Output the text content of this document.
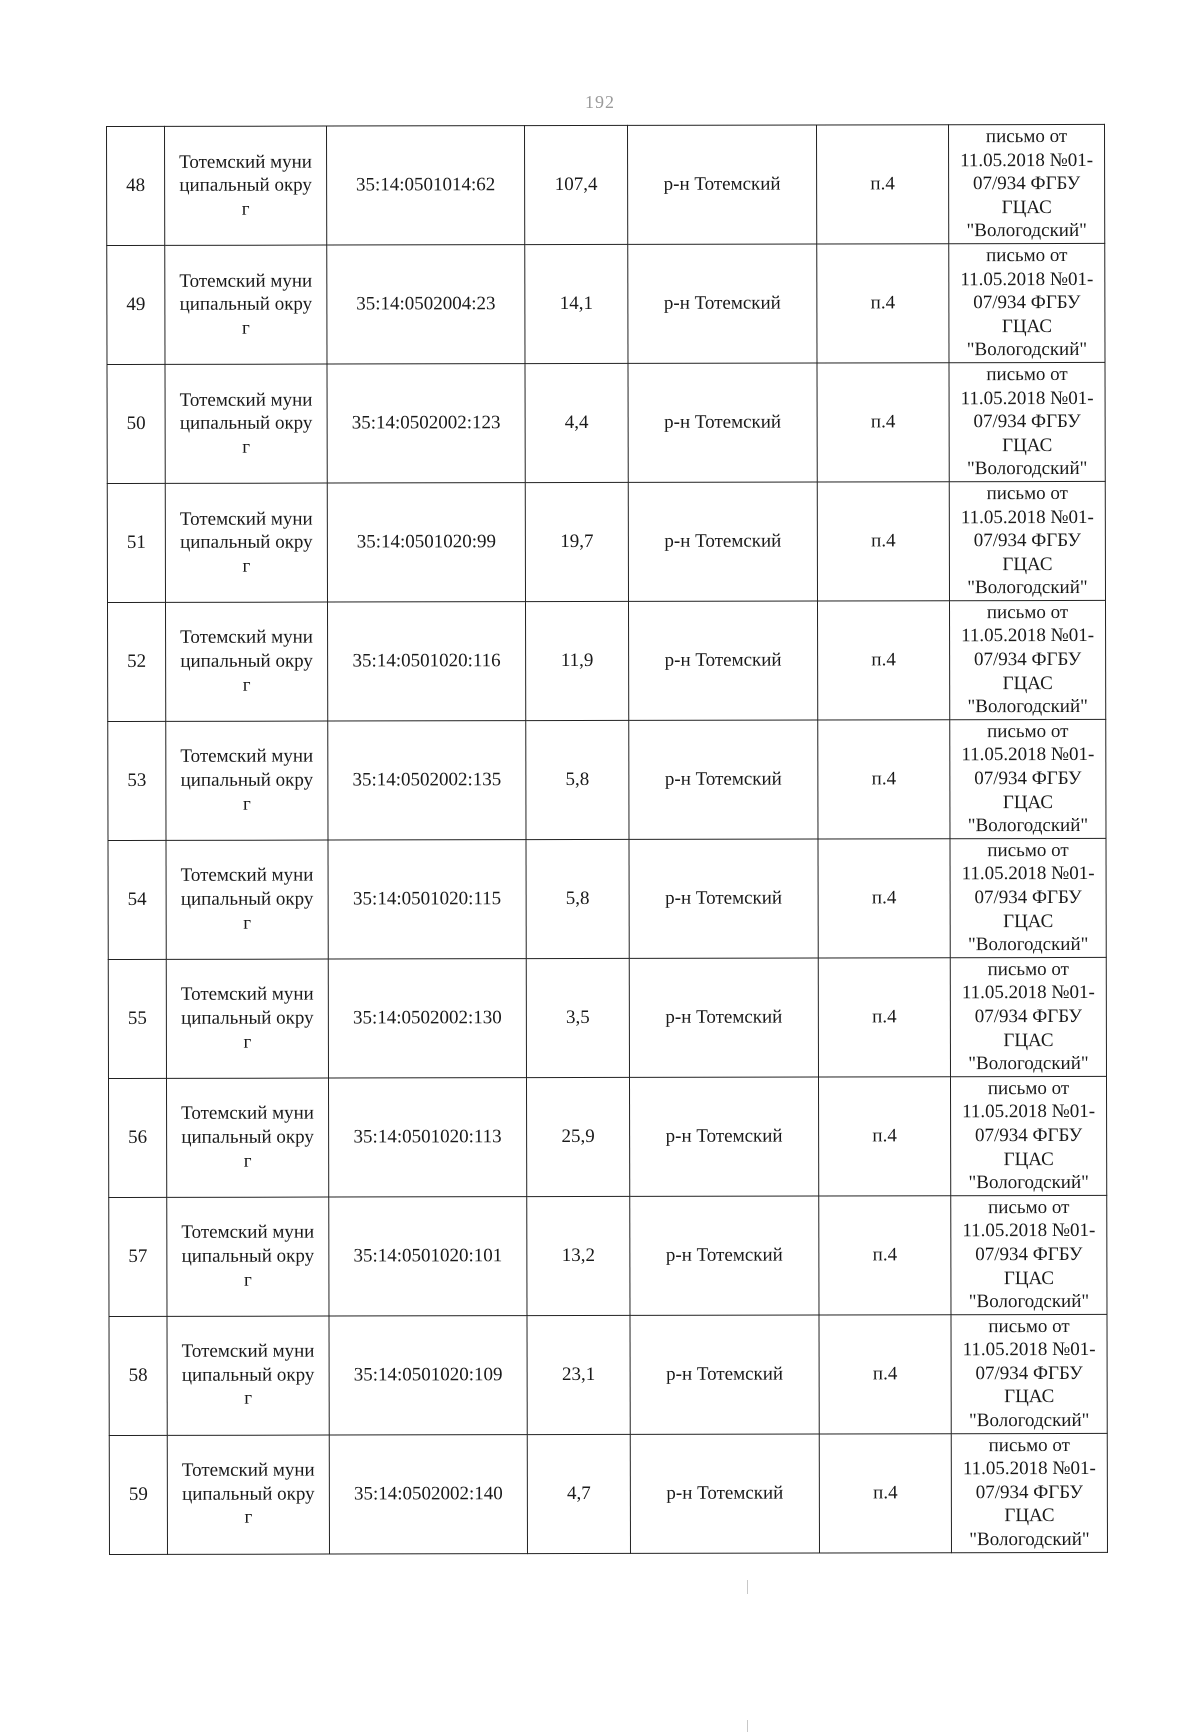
192
48	Тотемский муниципальный округ	35:14:0501014:62	107,4	р-н Тотемский	п.4	письмо от
11.05.2018 №01-
07/934 ФГБУ
ГЦАС
"Вологодский"

49	Тотемский муниципальный округ	35:14:0502004:23	14,1	р-н Тотемский	п.4	письмо от
11.05.2018 №01-
07/934 ФГБУ
ГЦАС
"Вологодский"

50	Тотемский муниципальный округ	35:14:0502002:123	4,4	р-н Тотемский	п.4	письмо от
11.05.2018 №01-
07/934 ФГБУ
ГЦАС
"Вологодский"

51	Тотемский муниципальный округ	35:14:0501020:99	19,7	р-н Тотемский	п.4	письмо от
11.05.2018 №01-
07/934 ФГБУ
ГЦАС
"Вологодский"

52	Тотемский муниципальный округ	35:14:0501020:116	11,9	р-н Тотемский	п.4	письмо от
11.05.2018 №01-
07/934 ФГБУ
ГЦАС
"Вологодский"

53	Тотемский муниципальный округ	35:14:0502002:135	5,8	р-н Тотемский	п.4	письмо от
11.05.2018 №01-
07/934 ФГБУ
ГЦАС
"Вологодский"

54	Тотемский муниципальный округ	35:14:0501020:115	5,8	р-н Тотемский	п.4	письмо от
11.05.2018 №01-
07/934 ФГБУ
ГЦАС
"Вологодский"

55	Тотемский муниципальный округ	35:14:0502002:130	3,5	р-н Тотемский	п.4	письмо от
11.05.2018 №01-
07/934 ФГБУ
ГЦАС
"Вологодский"

56	Тотемский муниципальный округ	35:14:0501020:113	25,9	р-н Тотемский	п.4	письмо от
11.05.2018 №01-
07/934 ФГБУ
ГЦАС
"Вологодский"

57	Тотемский муниципальный округ	35:14:0501020:101	13,2	р-н Тотемский	п.4	письмо от
11.05.2018 №01-
07/934 ФГБУ
ГЦАС
"Вологодский"

58	Тотемский муниципальный округ	35:14:0501020:109	23,1	р-н Тотемский	п.4	письмо от
11.05.2018 №01-
07/934 ФГБУ
ГЦАС
"Вологодский"

59	Тотемский муниципальный округ	35:14:0502002:140	4,7	р-н Тотемский	п.4	письмо от
11.05.2018 №01-
07/934 ФГБУ
ГЦАС
"Вологодский"
